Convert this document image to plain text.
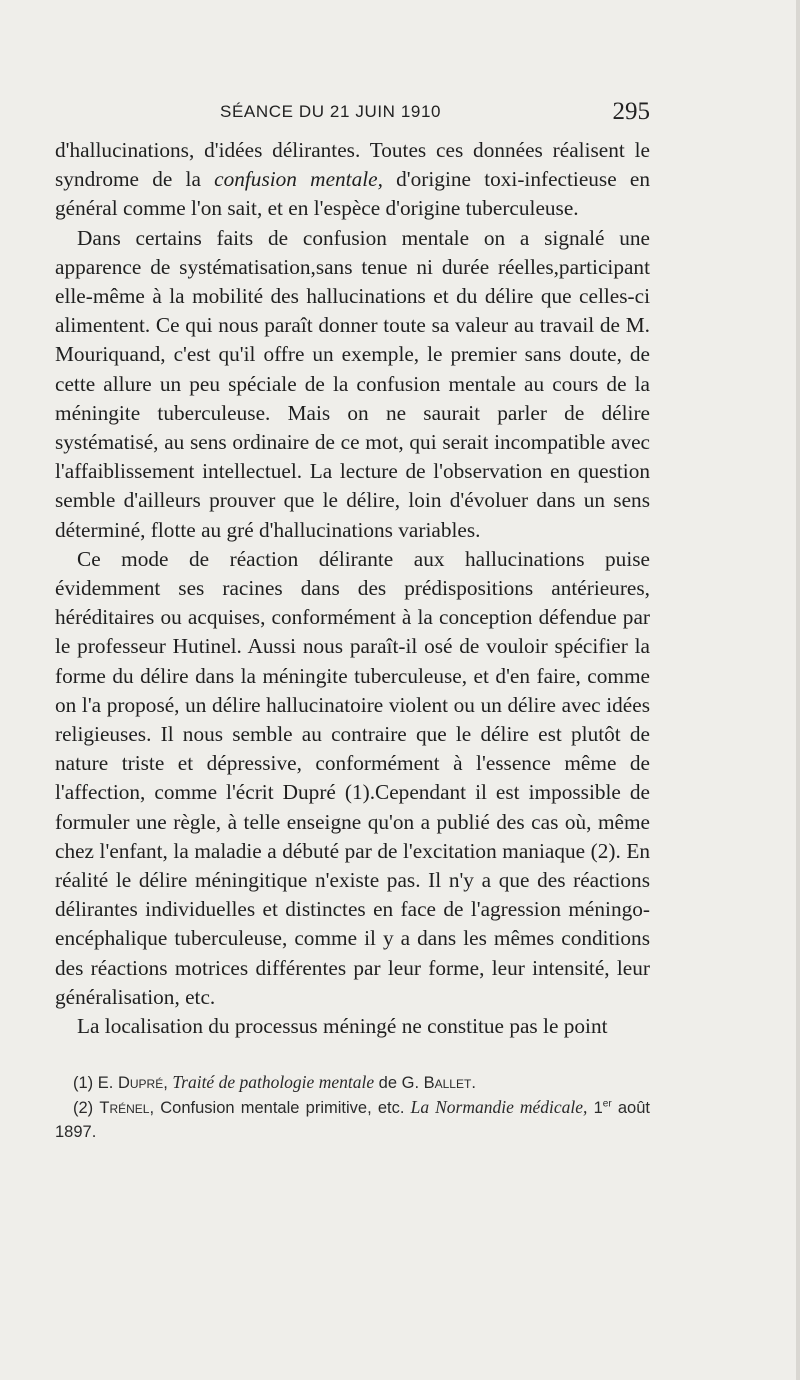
SÉANCE DU 21 JUIN 1910	295

d'hallucinations, d'idées délirantes. Toutes ces données réalisent le syndrome de la confusion mentale, d'origine toxi-infectieuse en général comme l'on sait, et en l'espèce d'origine tuberculeuse.

Dans certains faits de confusion mentale on a signalé une apparence de systématisation,sans tenue ni durée réelles,participant elle-même à la mobilité des hallucinations et du délire que celles-ci alimentent. Ce qui nous paraît donner toute sa valeur au travail de M. Mouriquand, c'est qu'il offre un exemple, le premier sans doute, de cette allure un peu spéciale de la confusion mentale au cours de la méningite tuberculeuse. Mais on ne saurait parler de délire systématisé, au sens ordinaire de ce mot, qui serait incompatible avec l'affaiblissement intellectuel. La lecture de l'observation en question semble d'ailleurs prouver que le délire, loin d'évoluer dans un sens déterminé, flotte au gré d'hallucinations variables.

Ce mode de réaction délirante aux hallucinations puise évidemment ses racines dans des prédispositions antérieures, héréditaires ou acquises, conformément à la conception défendue par le professeur Hutinel. Aussi nous paraît-il osé de vouloir spécifier la forme du délire dans la méningite tuberculeuse, et d'en faire, comme on l'a proposé, un délire hallucinatoire violent ou un délire avec idées religieuses. Il nous semble au contraire que le délire est plutôt de nature triste et dépressive, conformément à l'essence même de l'affection, comme l'écrit Dupré (1).Cependant il est impossible de formuler une règle, à telle enseigne qu'on a publié des cas où, même chez l'enfant, la maladie a débuté par de l'excitation maniaque (2). En réalité le délire méningitique n'existe pas. Il n'y a que des réactions délirantes individuelles et distinctes en face de l'agression méningo-encéphalique tuberculeuse, comme il y a dans les mêmes conditions des réactions motrices différentes par leur forme, leur intensité, leur généralisation, etc.

La localisation du processus méningé ne constitue pas le point

(1) E. Dupré, Traité de pathologie mentale de G. Ballet.

(2) Trénel, Confusion mentale primitive, etc. La Normandie médicale, 1er août 1897.
